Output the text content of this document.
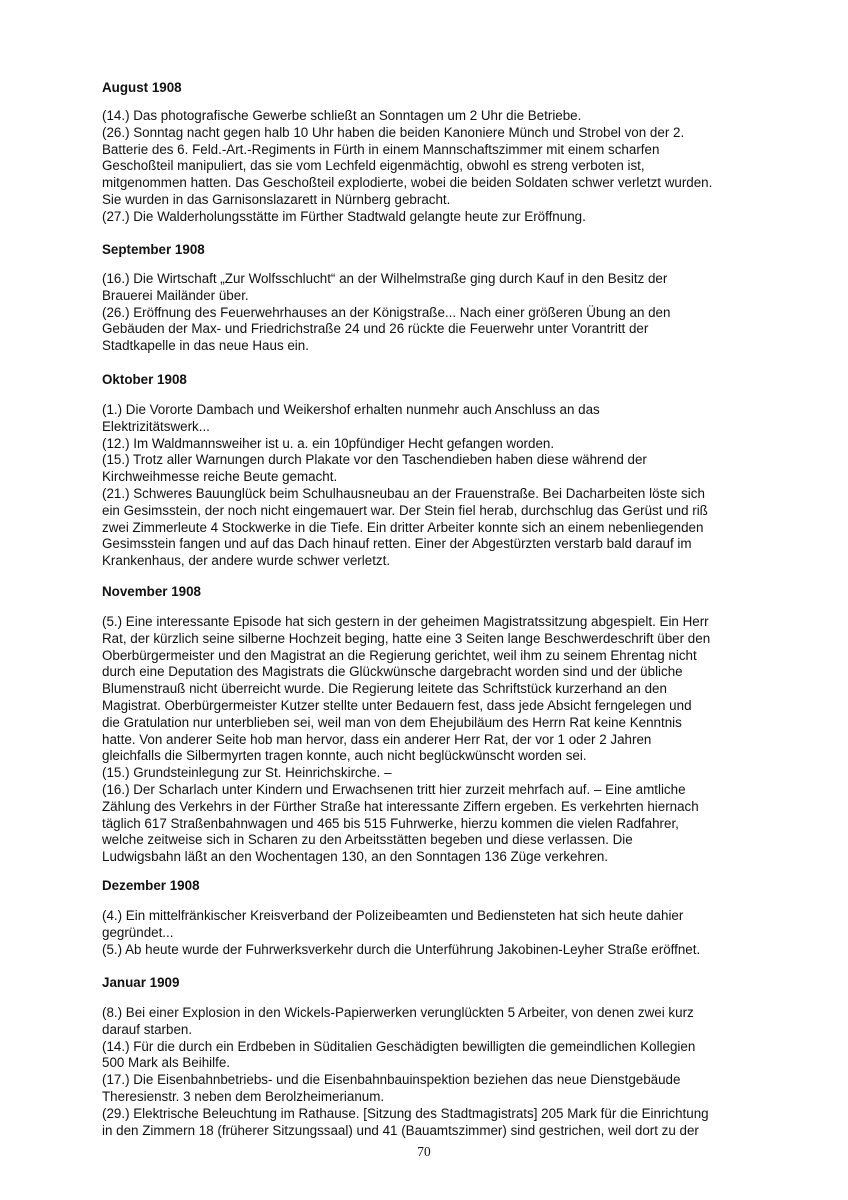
August 1908
(14.) Das photografische Gewerbe schließt an Sonntagen um 2 Uhr die Betriebe.
(26.) Sonntag nacht gegen halb 10 Uhr haben die beiden Kanoniere Münch und Strobel von der 2.
Batterie des 6. Feld.-Art.-Regiments in Fürth in einem Mannschaftszimmer mit einem scharfen
Geschoßteil manipuliert, das sie vom Lechfeld eigenmächtig, obwohl es streng verboten ist,
mitgenommen hatten. Das Geschoßteil explodierte, wobei die beiden Soldaten schwer verletzt wurden.
Sie wurden in das Garnisonslazarett in Nürnberg gebracht.
(27.) Die Walderholungsstätte im Fürther Stadtwald gelangte heute zur Eröffnung.
September 1908
(16.) Die Wirtschaft „Zur Wolfsschlucht“ an der Wilhelmstraße ging durch Kauf in den Besitz der
Brauerei Mailänder über.
(26.) Eröffnung des Feuerwehrhauses an der Königstraße... Nach einer größeren Übung an den
Gebäuden der Max- und Friedrichstraße 24 und 26 rückte die Feuerwehr unter Vorantritt der
Stadtkapelle in das neue Haus ein.
Oktober 1908
(1.) Die Vororte Dambach und Weikershof erhalten nunmehr auch Anschluss an das
Elektrizitätswerk...
(12.) Im Waldmannsweiher ist u. a. ein 10pfündiger Hecht gefangen worden.
(15.) Trotz aller Warnungen durch Plakate vor den Taschendieben haben diese während der
Kirchweihmesse reiche Beute gemacht.
(21.) Schweres Bauunglück beim Schulhausneubau an der Frauenstraße. Bei Dacharbeiten löste sich
ein Gesimsstein, der noch nicht eingemauert war. Der Stein fiel herab, durchschlug das Gerüst und riß
zwei Zimmerleute 4 Stockwerke in die Tiefe. Ein dritter Arbeiter konnte sich an einem nebenliegenden
Gesimsstein fangen und auf das Dach hinauf retten. Einer der Abgestürzten verstarb bald darauf im
Krankenhaus, der andere wurde schwer verletzt.
November 1908
(5.) Eine interessante Episode hat sich gestern in der geheimen Magistratssitzung abgespielt. Ein Herr
Rat, der kürzlich seine silberne Hochzeit beging, hatte eine 3 Seiten lange Beschwerdeschrift über den
Oberbürgermeister und den Magistrat an die Regierung gerichtet, weil ihm zu seinem Ehrentag nicht
durch eine Deputation des Magistrats die Glückwünsche dargebracht worden sind und der übliche
Blumenstrauß nicht überreicht wurde. Die Regierung leitete das Schriftstück kurzerhand an den
Magistrat. Oberbürgermeister Kutzer stellte unter Bedauern fest, dass jede Absicht ferngelegen und
die Gratulation nur unterblieben sei, weil man von dem Ehejubiläum des Herrn Rat keine Kenntnis
hatte. Von anderer Seite hob man hervor, dass ein anderer Herr Rat, der vor 1 oder 2 Jahren
gleichfalls die Silbermyrten tragen konnte, auch nicht beglückwünscht worden sei.
(15.) Grundsteinlegung zur St. Heinrichskirche. –
(16.) Der Scharlach unter Kindern und Erwachsenen tritt hier zurzeit mehrfach auf. – Eine amtliche
Zählung des Verkehrs in der Fürther Straße hat interessante Ziffern ergeben. Es verkehrten hiernach
täglich 617 Straßenbahnwagen und 465 bis 515 Fuhrwerke, hierzu kommen die vielen Radfahrer,
welche zeitweise sich in Scharen zu den Arbeitsstätten begeben und diese verlassen. Die
Ludwigsbahn läßt an den Wochentagen 130, an den Sonntagen 136 Züge verkehren.
Dezember 1908
(4.) Ein mittelfränkischer Kreisverband der Polizeibeamten und Bediensteten hat sich heute dahier
gegründet...
(5.) Ab heute wurde der Fuhrwerksverkehr durch die Unterführung Jakobinen-Leyher Straße eröffnet.
Januar 1909
(8.) Bei einer Explosion in den Wickels-Papierwerken verunglückten 5 Arbeiter, von denen zwei kurz
darauf starben.
(14.) Für die durch ein Erdbeben in Süditalien Geschädigten bewilligten die gemeindlichen Kollegien
500 Mark als Beihilfe.
(17.) Die Eisenbahnbetriebs- und die Eisenbahnbauinspektion beziehen das neue Dienstgebäude
Theresienstr. 3 neben dem Berolzheimerianum.
(29.) Elektrische Beleuchtung im Rathause. [Sitzung des Stadtmagistrats] 205 Mark für die Einrichtung
in den Zimmern 18 (früherer Sitzungssaal) und 41 (Bauamtszimmer) sind gestrichen, weil dort zu der
70
